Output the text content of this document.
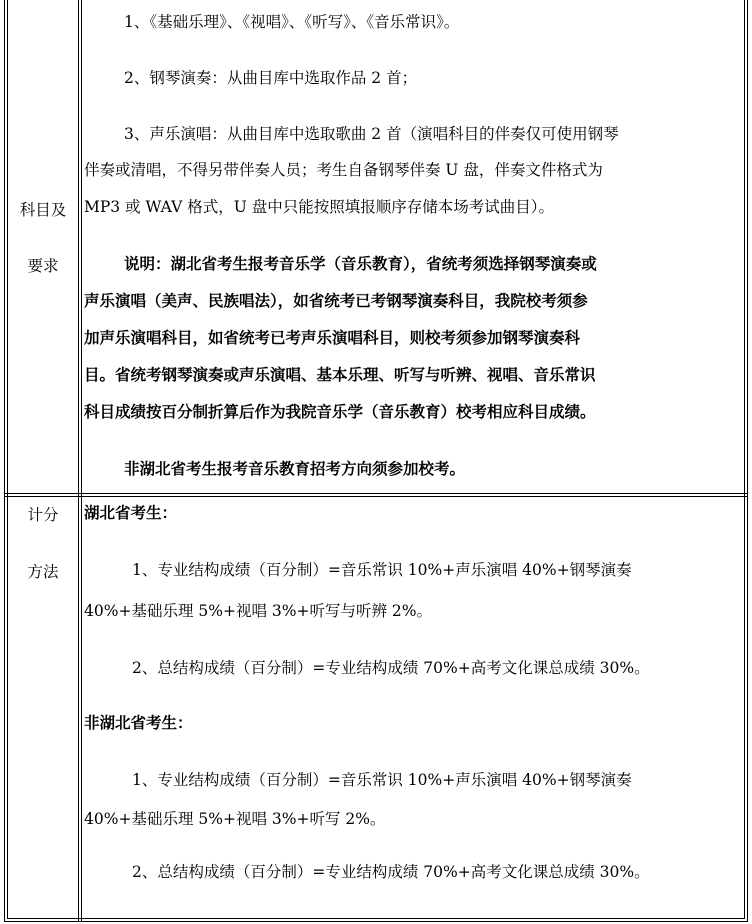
科目及
要求
1、《基础乐理》、《视唱》、《听写》、《音乐常识》。
2、钢琴演奏：从曲目库中选取作品 2 首；
3、声乐演唱：从曲目库中选取歌曲 2 首（演唱科目的伴奏仅可使用钢琴
伴奏或清唱，不得另带伴奏人员；考生自备钢琴伴奏 U 盘，伴奏文件格式为
MP3 或 WAV 格式，U 盘中只能按照填报顺序存储本场考试曲目）。
说明：湖北省考生报考音乐学（音乐教育），省统考须选择钢琴演奏或
声乐演唱（美声、民族唱法），如省统考已考钢琴演奏科目，我院校考须参
加声乐演唱科目，如省统考已考声乐演唱科目，则校考须参加钢琴演奏科
目。省统考钢琴演奏或声乐演唱、基本乐理、听写与听辨、视唱、音乐常识
科目成绩按百分制折算后作为我院音乐学（音乐教育）校考相应科目成绩。
非湖北省考生报考音乐教育招考方向须参加校考。
计分
方法
湖北省考生：
1、专业结构成绩（百分制）=音乐常识 10%+声乐演唱 40%+钢琴演奏
40%+基础乐理 5%+视唱 3%+听写与听辨 2%。
2、总结构成绩（百分制）=专业结构成绩 70%+高考文化课总成绩 30%。
非湖北省考生：
1、专业结构成绩（百分制）=音乐常识 10%+声乐演唱 40%+钢琴演奏
40%+基础乐理 5%+视唱 3%+听写 2%。
2、总结构成绩（百分制）=专业结构成绩 70%+高考文化课总成绩 30%。
